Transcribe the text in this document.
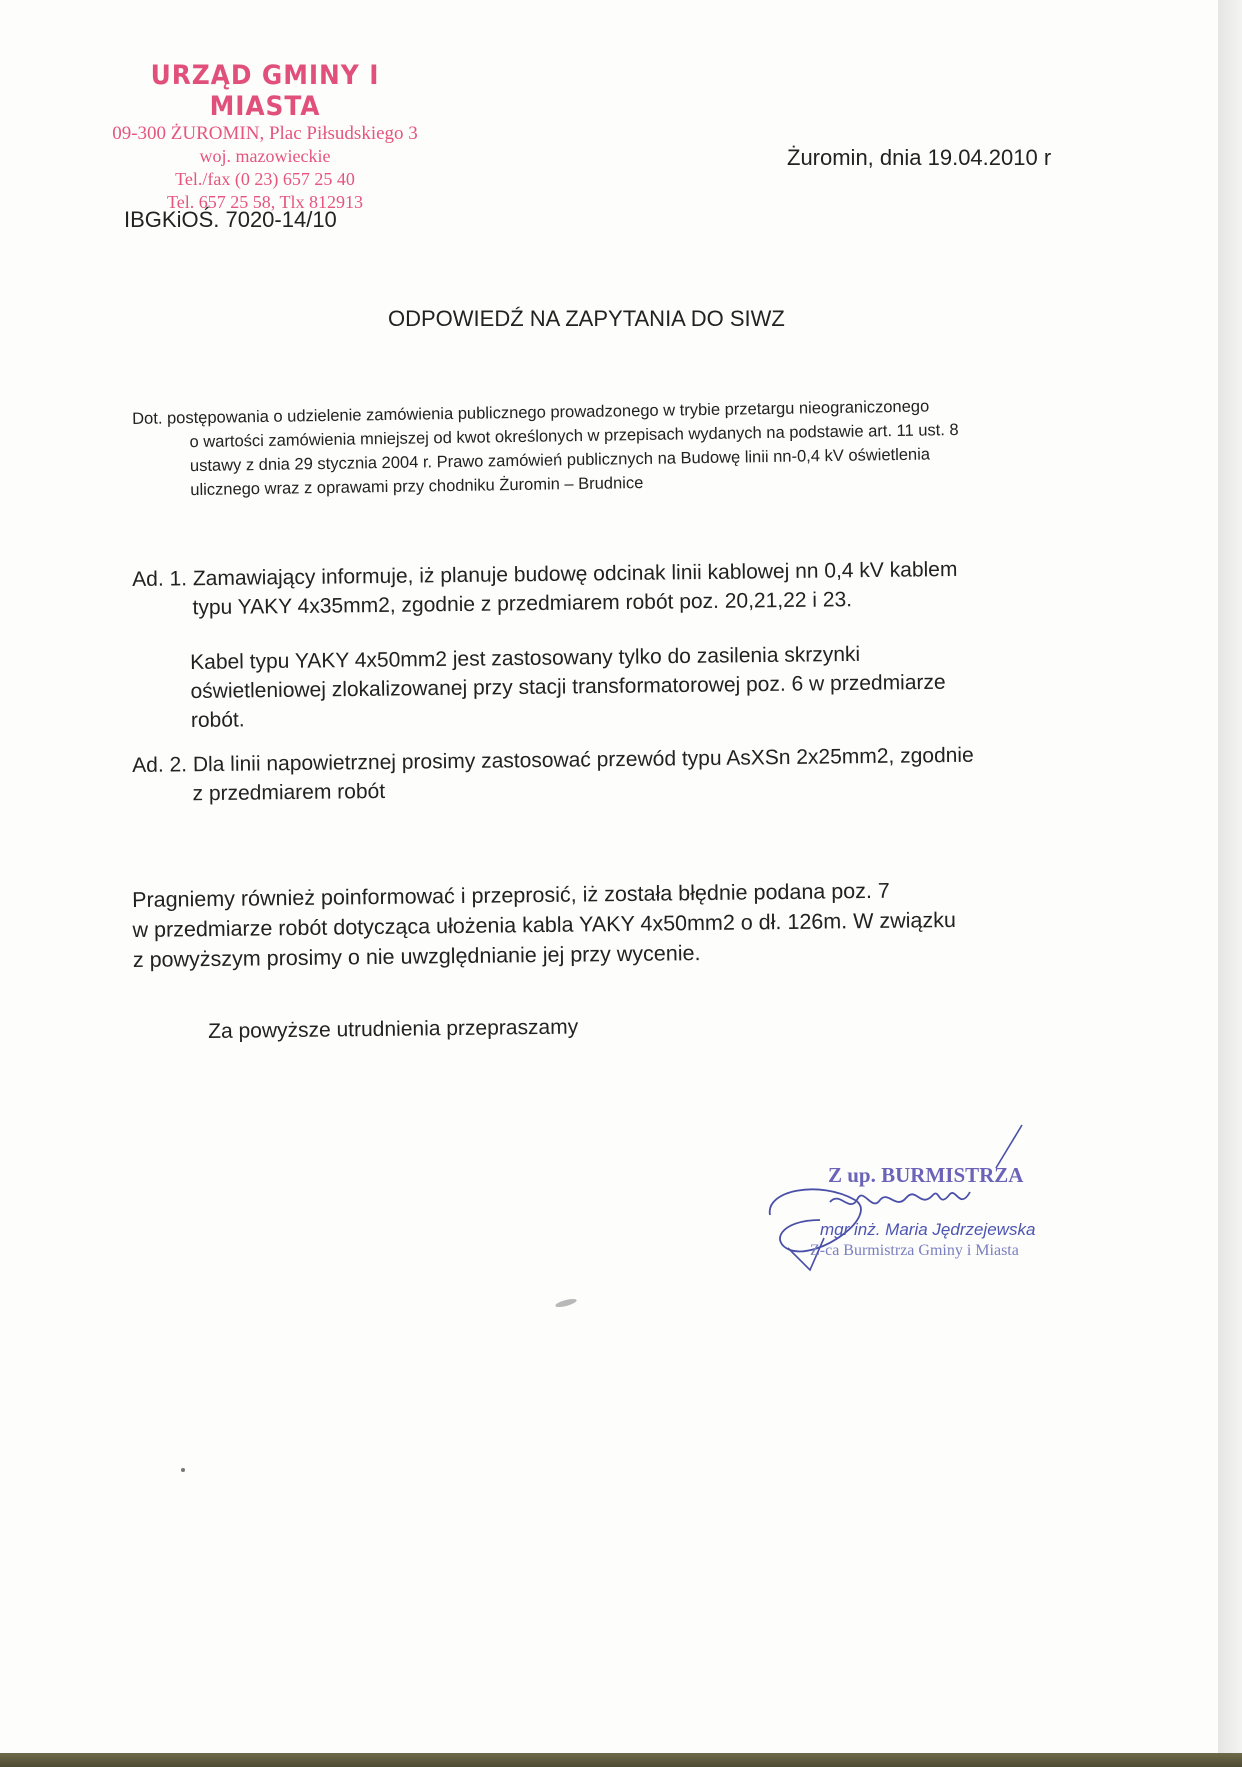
URZĄD GMINY I MIASTA
09-300 ŻUROMIN, Plac Piłsudskiego 3
woj. mazowieckie
Tel./fax (0 23) 657 25 40
Tel. 657 25 58, Tlx 812913
Żuromin, dnia 19.04.2010 r
IBGKiOŚ. 7020-14/10
ODPOWIEDŹ NA ZAPYTANIA DO SIWZ
Dot. postępowania o udzielenie zamówienia publicznego prowadzonego w trybie przetargu nieograniczonego
o wartości zamówienia mniejszej od kwot określonych w przepisach wydanych na podstawie art. 11 ust. 8
ustawy z dnia 29 stycznia 2004 r. Prawo zamówień publicznych na Budowę linii nn-0,4 kV oświetlenia
ulicznego wraz z oprawami przy chodniku Żuromin – Brudnice
Ad. 1. Zamawiający informuje, iż planuje budowę odcinak linii kablowej nn 0,4 kV kablem
typu YAKY 4x35mm2, zgodnie z przedmiarem robót poz. 20,21,22 i 23.
Kabel typu YAKY 4x50mm2 jest zastosowany tylko do zasilenia skrzynki
oświetleniowej zlokalizowanej przy stacji transformatorowej poz. 6 w przedmiarze
robót.
Ad. 2. Dla linii napowietrznej prosimy zastosować przewód typu AsXSn 2x25mm2, zgodnie
z przedmiarem robót
Pragniemy również poinformować i przeprosić, iż została błędnie podana poz. 7
w przedmiarze robót dotycząca ułożenia kabla YAKY 4x50mm2 o dł. 126m. W związku
z powyższym prosimy o nie uwzględnianie jej przy wycenie.
Za powyższe utrudnienia przepraszamy
Z up. BURMISTRZA
mgr inż. Maria Jędrzejewska
Z-ca Burmistrza Gminy i Miasta
